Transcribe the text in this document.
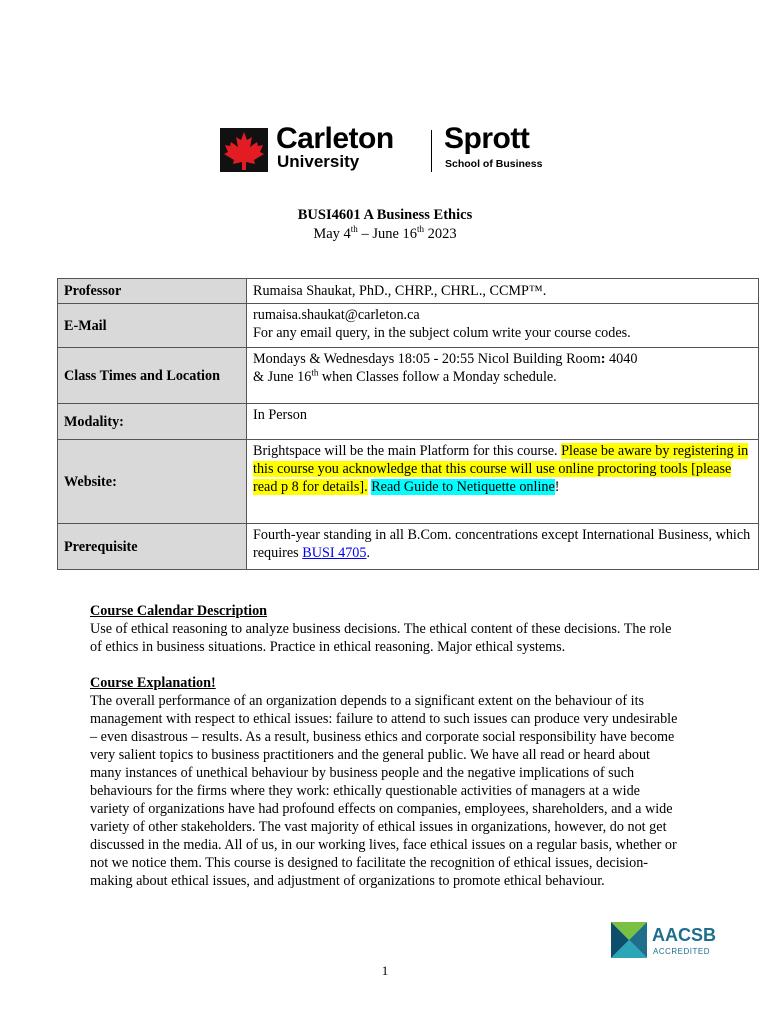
Carleton
University
Sprott
School of Business
BUSI4601 A Business Ethics
May 4th – June 16th 2023
Professor	Rumaisa Shaukat, PhD., CHRP., CHRL., CCMP™.
E-Mail	rumaisa.shaukat@carleton.ca
For any email query, in the subject colum write your course codes.

Class Times and Location	Mondays & Wednesdays 18:05 - 20:55 Nicol Building Room: 4040
& June 16th when Classes follow a Monday schedule.

Modality:	In Person
Website:	Brightspace will be the main Platform for this course. Please be aware by registering in this course you acknowledge that this course will use online proctoring tools [please read p 8 for details]. Read Guide to Netiquette online!
Prerequisite	Fourth-year standing in all B.Com. concentrations except International Business, which requires BUSI 4705.
Course Calendar Description

Use of ethical reasoning to analyze business decisions. The ethical content of these decisions. The role of ethics in business situations. Practice in ethical reasoning. Major ethical systems.

Course Explanation!

The overall performance of an organization depends to a significant extent on the behaviour of its management with respect to ethical issues: failure to attend to such issues can produce very undesirable – even disastrous – results. As a result, business ethics and corporate social responsibility have become very salient topics to business practitioners and the general public. We have all read or heard about many instances of unethical behaviour by business people and the negative implications of such behaviours for the firms where they work: ethically questionable activities of managers at a wide variety of organizations have had profound effects on companies, employees, shareholders, and a wide variety of other stakeholders. The vast majority of ethical issues in organizations, however, do not get discussed in the media. All of us, in our working lives, face ethical issues on a regular basis, whether or not we notice them. This course is designed to facilitate the recognition of ethical issues, decision-making about ethical issues, and adjustment of organizations to promote ethical behaviour.

AACSB
ACCREDITED
1
